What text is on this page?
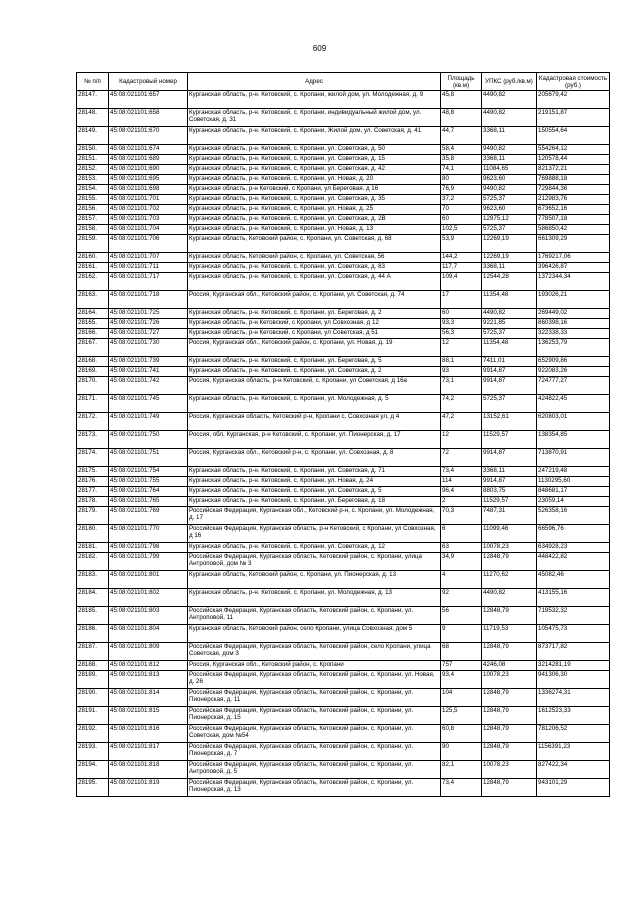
609
№ п/п	Кадастровый номер	Адрес	Площадь (кв.м)	УПКС (руб./кв.м)	Кадастровая стоимость (руб.)
28147.	45:08:021101:657	Курганская область, р-н. Кетовский, с. Кропани, жилой дом, ул. Молодежная, д. 9	45,8	4490,82	205679,42
28148.	45:08:021101:658	Курганская область, р-н. Кетовский, с. Кропани, индивидуальный жилой дом, ул. Советская, д. 31	48,8	4490,82	219151,87
28149.	45:08:021101:670	Курганская область, р-н. Кетовский, с. Кропани, Жилой дом, ул. Советская, д. 41	44,7	3368,11	150554,64
28150.	45:08:021101:674	Курганская область, р-н. Кетовский, с. Кропани, ул. Советская, д. 50	58,4	9490,82	554264,12
28151.	45:08:021101:689	Курганская область, р-н. Кетовский, с. Кропани, ул. Советская, д. 15	35,8	3368,11	120578,44
28152.	45:08:021101:690	Курганская область, р-н. Кетовский, с. Кропани, ул. Советская, д. 42	74,1	11084,65	821372,21
28153.	45:08:021101:695	Курганская область, р-н. Кетовский, с. Кропани, ул. Новая, д. 20	80	9623,60	769888,18
28154.	45:08:021101:698	Курганская область, р-н Кетовский, с Кропани, ул Береговая, д 16	76,9	9490,82	729844,36
28155.	45:08:021101:701	Курганская область, р-н. Кетовский, с. Кропани, ул. Советская, д. 35	37,2	5725,37	212983,76
28156.	45:08:021101:702	Курганская область, р-н. Кетовский, с. Кропани, ул. Новая, д. 25	70	9623,60	673652,16
28157.	45:08:021101:703	Курганская область, р-н. Кетовский, с. Кропани, ул. Советская, д. 2В	60	12975,12	778507,18
28158.	45:08:021101:704	Курганская область, р-н. Кетовский, с. Кропани, ул. Новая, д. 13	102,5	5725,37	586850,42
28159.	45:08:021101:706	Курганская область, Кетовский район, с. Кропани, ул. Советская, д. 68	53,9	12269,19	661309,29
28160.	45:08:021101:707	Курганская область, Кетовский район, с. Кропани, ул. Советская, 56	144,2	12269,19	1769217,06
28161.	45:08:021101:711	Курганская область, р-н. Кетовский, с. Кропани, ул. Советская, д. 83	117,7	3368,11	396426,87
28162.	45:08:021101:717	Курганская область, р-н. Кетовский, с. Кропани, ул. Советская, д. 44 А	109,4	12544,28	1372344,34
28163.	45:08:021101:718	Россия, Курганская обл., Кетовский район, с. Кропани, ул. Советская, д. 74	17	11354,48	193026,21
28164.	45:08:021101:725	Курганская область, р-н. Кетовский, с. Кропани, ул. Береговая, д. 2	60	4490,82	269449,02
28165.	45:08:021101:726	Курганская область, р-н Кетовский, с Кропани, ул Совхозная, д 12	93,3	9221,85	860398,16
28166.	45:08:021101:727	Курганская область, р-н Кетовский, с Кропани, ул Советская, д 51	56,3	5725,37	322338,33
28167.	45:08:021101:730	Россия, Курганская обл., Кетовский район, с. Кропани, ул. Новая, д. 19	12	11354,48	136253,79
28168.	45:08:021101:739	Курганская область, р-н. Кетовский, с. Кропани, ул. Береговая, д. 5	88,1	7411,01	652909,86
28169.	45:08:021101:741	Курганская область, р-н. Кетовский, с. Кропани, ул. Советская, д. 2	93	9914,87	922083,26
28170.	45:08:021101:742	Россия, Курганская область, р-н Кетовский, с. Кропани, ул Советская, д 16а	73,1	9914,87	724777,27
28171.	45:08:021101:745	Курганская область, р-н. Кетовский, с. Кропани, ул. Молодежная, д. 5	74,2	5725,37	424822,45
28172.	45:08:021101:749	Россия, Курганская область, Кетовский р-н, Кропани с, Совхозная ул, д 4	47,2	13152,61	620803,01
28173.	45:08:021101:750	Россия, обл. Курганская, р-н Кетовский, с. Кропани, ул. Пионерская, д. 17	12	11529,57	138354,85
28174.	45:08:021101:751	Россия, Курганская обл., Кетовский р-н, с. Кропани, ул. Совхозная, д. 8	72	9914,87	713870,91
28175.	45:08:021101:754	Курганская область, р-н. Кетовский, с. Кропани, ул. Советская, д. 71	73,4	3368,11	247219,48
28176.	45:08:021101:755	Курганская область, р-н. Кетовский, с. Кропани, ул. Новая, д. 24	114	9914,87	1130295,60
28177.	45:08:021101:764	Курганская область, р-н. Кетовский, с. Кропани, ул. Советская, д. 5	96,4	8803,75	848681,17
28178.	45:08:021101:765	Курганская область, р-н. Кетовский, с. Кропани, ул. Береговая, д. 18	2	11529,57	23059,14
28179.	45:08:021101:769	Российская Федерация, Курганская обл., Кетовский р-н, с. Кропани, ул. Молодежная, д. 17	70,3	7487,31	526358,16
28180.	45:08:021101:770	Российская Федерация, Курганская область, р-н Кетовский, с Кропани, ул Совхозная, д 16	6	11099,46	66596,76
28181.	45:08:021101:798	Курганская область, р-н. Кетовский, с. Кропани, ул. Советская, д. 12	63	10078,23	634928,23
28182.	45:08:021101:799	Российская Федерация, Курганская область, Кетовский район, с. Кропани, улица Антроповой, дом № 3	34,9	12848,79	448422,82
28183.	45:08:021101:801	Курганская область, Кетовский район, с. Кропани, ул. Пионерская, д. 13	4	11270,62	45082,46
28184.	45:08:021101:802	Курганская область, р-н. Кетовский, с. Кропани, ул. Молодежная, д. 13	92	4490,82	413155,16
28185.	45:08:021101:803	Российская Федерация, Курганская область, Кетовский район, с. Кропани, ул. Антроповой, 11	56	12848,79	719532,32
28186.	45:08:021101:804	Курганская область, Кетовский район, село Кропани, улица Совхозная, дом 5	9	11719,53	105475,73
28187.	45:08:021101:809	Российская Федерация, Курганская область, Кетовский район, село Кропани, улица Советская, дом 3	68	12848,79	873717,82
28188.	45:08:021101:812	Россия, Курганская обл., Кетовский район, с. Кропани	757	4246,08	3214281,19
28189.	45:08:021101:813	Российская Федерация, Курганская область, Кетовский район, с. Кропани, ул. Новая, д. 26	93,4	10078,23	941306,30
28190.	45:08:021101:814	Российская Федерация, Курганская область, Кетовский район, с. Кропани, ул. Пионерская, д. 11	104	12848,79	1336274,31
28191.	45:08:021101:815	Российская Федерация, Курганская область, Кетовский район, с. Кропани, ул. Пионерская, д. 15	125,5	12848,79	1612523,33
28192.	45:08:021101:816	Российская Федерация, Курганская область, Кетовский район, с. Кропани, ул. Советская, дом №54	60,8	12848,79	781206,52
28193.	45:08:021101:817	Российская Федерация, Курганская область, Кетовский район, с. Кропани, ул. Пионерская, д. 7	90	12848,79	1156391,23
28194.	45:08:021101:818	Российская Федерация, Курганская область, Кетовский район, с. Кропани, ул. Антроповой, д. 5	82,1	10078,23	827422,34
28195.	45:08:021101:819	Российская Федерация, Курганская область, Кетовский район, с. Кропани, ул. Пионерская, д. 13	73,4	12848,79	943101,29
